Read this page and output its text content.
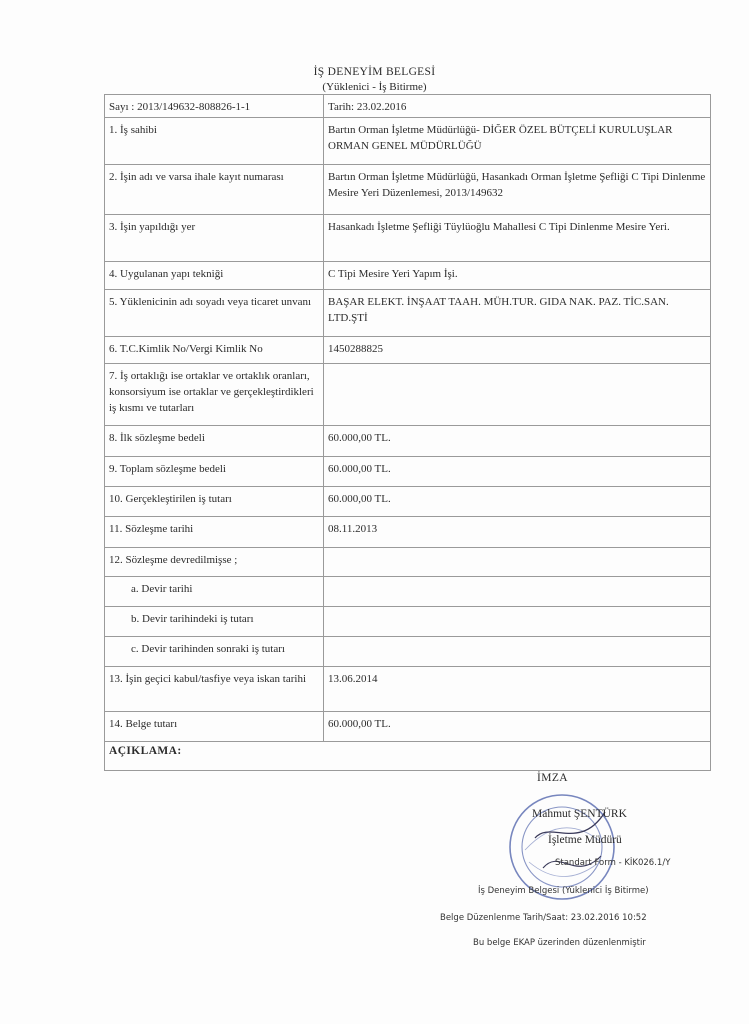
İŞ DENEYİM BELGESİ
(Yüklenici - İş Bitirme)
Sayı : 2013/149632-808826-1-1	Tarih: 23.02.2016
1. İş sahibi	Bartın Orman İşletme Müdürlüğü- DİĞER ÖZEL BÜTÇELİ KURULUŞLAR ORMAN GENEL MÜDÜRLÜĞÜ
2. İşin adı ve varsa ihale kayıt numarası	Bartın Orman İşletme Müdürlüğü, Hasankadı Orman İşletme Şefliği C Tipi Dinlenme Mesire Yeri Düzenlemesi, 2013/149632
3. İşin yapıldığı yer	Hasankadı İşletme Şefliği Tüylüoğlu Mahallesi C Tipi Dinlenme Mesire Yeri.
4. Uygulanan yapı tekniği	C Tipi Mesire Yeri Yapım İşi.
5. Yüklenicinin adı soyadı veya ticaret unvanı	BAŞAR ELEKT. İNŞAAT TAAH. MÜH.TUR. GIDA NAK. PAZ. TİC.SAN. LTD.ŞTİ
6. T.C.Kimlik No/Vergi Kimlik No	1450288825
7. İş ortaklığı ise ortaklar ve ortaklık oranları, konsorsiyum ise ortaklar ve gerçekleştirdikleri iş kısmı ve tutarları
8. İlk sözleşme bedeli	60.000,00 TL.
9. Toplam sözleşme bedeli	60.000,00 TL.
10. Gerçekleştirilen iş tutarı	60.000,00 TL.
11. Sözleşme tarihi	08.11.2013
12. Sözleşme devredilmişse ;
a. Devir tarihi
b. Devir tarihindeki iş tutarı
c. Devir tarihinden sonraki iş tutarı
13. İşin geçici kabul/tasfiye veya iskan tarihi	13.06.2014
14. Belge tutarı	60.000,00 TL.
AÇIKLAMA:
İMZA
Mahmut ŞENTÜRK
İşletme Müdürü
Standart Form - KİK026.1/Y
İş Deneyim Belgesi (Yüklenici İş Bitirme)
Belge Düzenlenme Tarih/Saat: 23.02.2016 10:52
Bu belge EKAP üzerinden düzenlenmiştir
